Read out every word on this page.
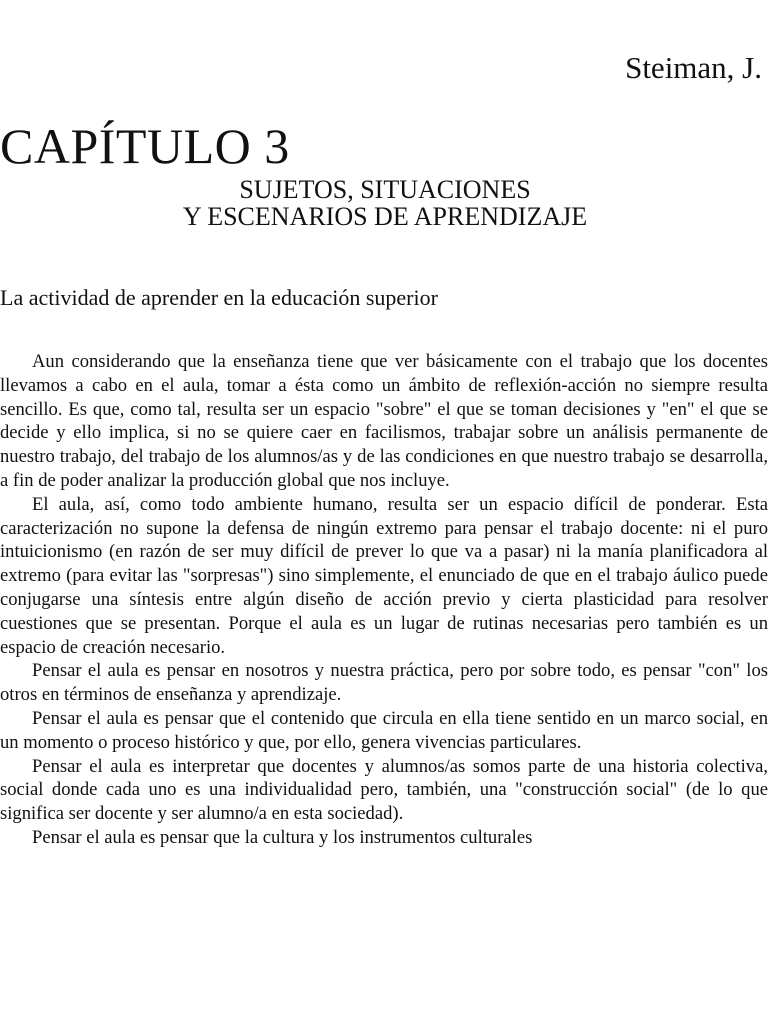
Steiman, J.
CAPÍTULO 3
SUJETOS, SITUACIONES
Y ESCENARIOS DE APRENDIZAJE
La actividad de aprender en la educación superior

Aun considerando que la enseñanza tiene que ver básicamente con el trabajo que los docentes llevamos a cabo en el aula, tomar a ésta como un ámbito de reflexión-acción no siempre resulta sencillo. Es que, como tal, resulta ser un espacio "sobre" el que se toman decisiones y "en" el que se decide y ello implica, si no se quiere caer en facilismos, trabajar sobre un análisis permanente de nuestro trabajo, del trabajo de los alumnos/as y de las condiciones en que nuestro trabajo se desarrolla, a fin de poder analizar la producción global que nos incluye.

El aula, así, como todo ambiente humano, resulta ser un espacio difícil de ponderar. Esta caracterización no supone la defensa de ningún extremo para pensar el trabajo docente: ni el puro intuicionismo (en razón de ser muy difícil de prever lo que va a pasar) ni la manía planificadora al extremo (para evitar las "sorpresas") sino simplemente, el enunciado de que en el trabajo áulico puede conjugarse una síntesis entre algún diseño de acción previo y cierta plasticidad para resolver cuestiones que se presentan. Porque el aula es un lugar de rutinas necesarias pero también es un espacio de creación necesario.

Pensar el aula es pensar en nosotros y nuestra práctica, pero por sobre todo, es pensar "con" los otros en términos de enseñanza y aprendizaje.

Pensar el aula es pensar que el contenido que circula en ella tiene sentido en un marco social, en un momento o proceso histórico y que, por ello, genera vivencias particulares.

Pensar el aula es interpretar que docentes y alumnos/as somos parte de una historia colectiva, social donde cada uno es una individualidad pero, también, una "construcción social" (de lo que significa ser docente y ser alumno/a en esta sociedad).

Pensar el aula es pensar que la cultura y los instrumentos culturales
